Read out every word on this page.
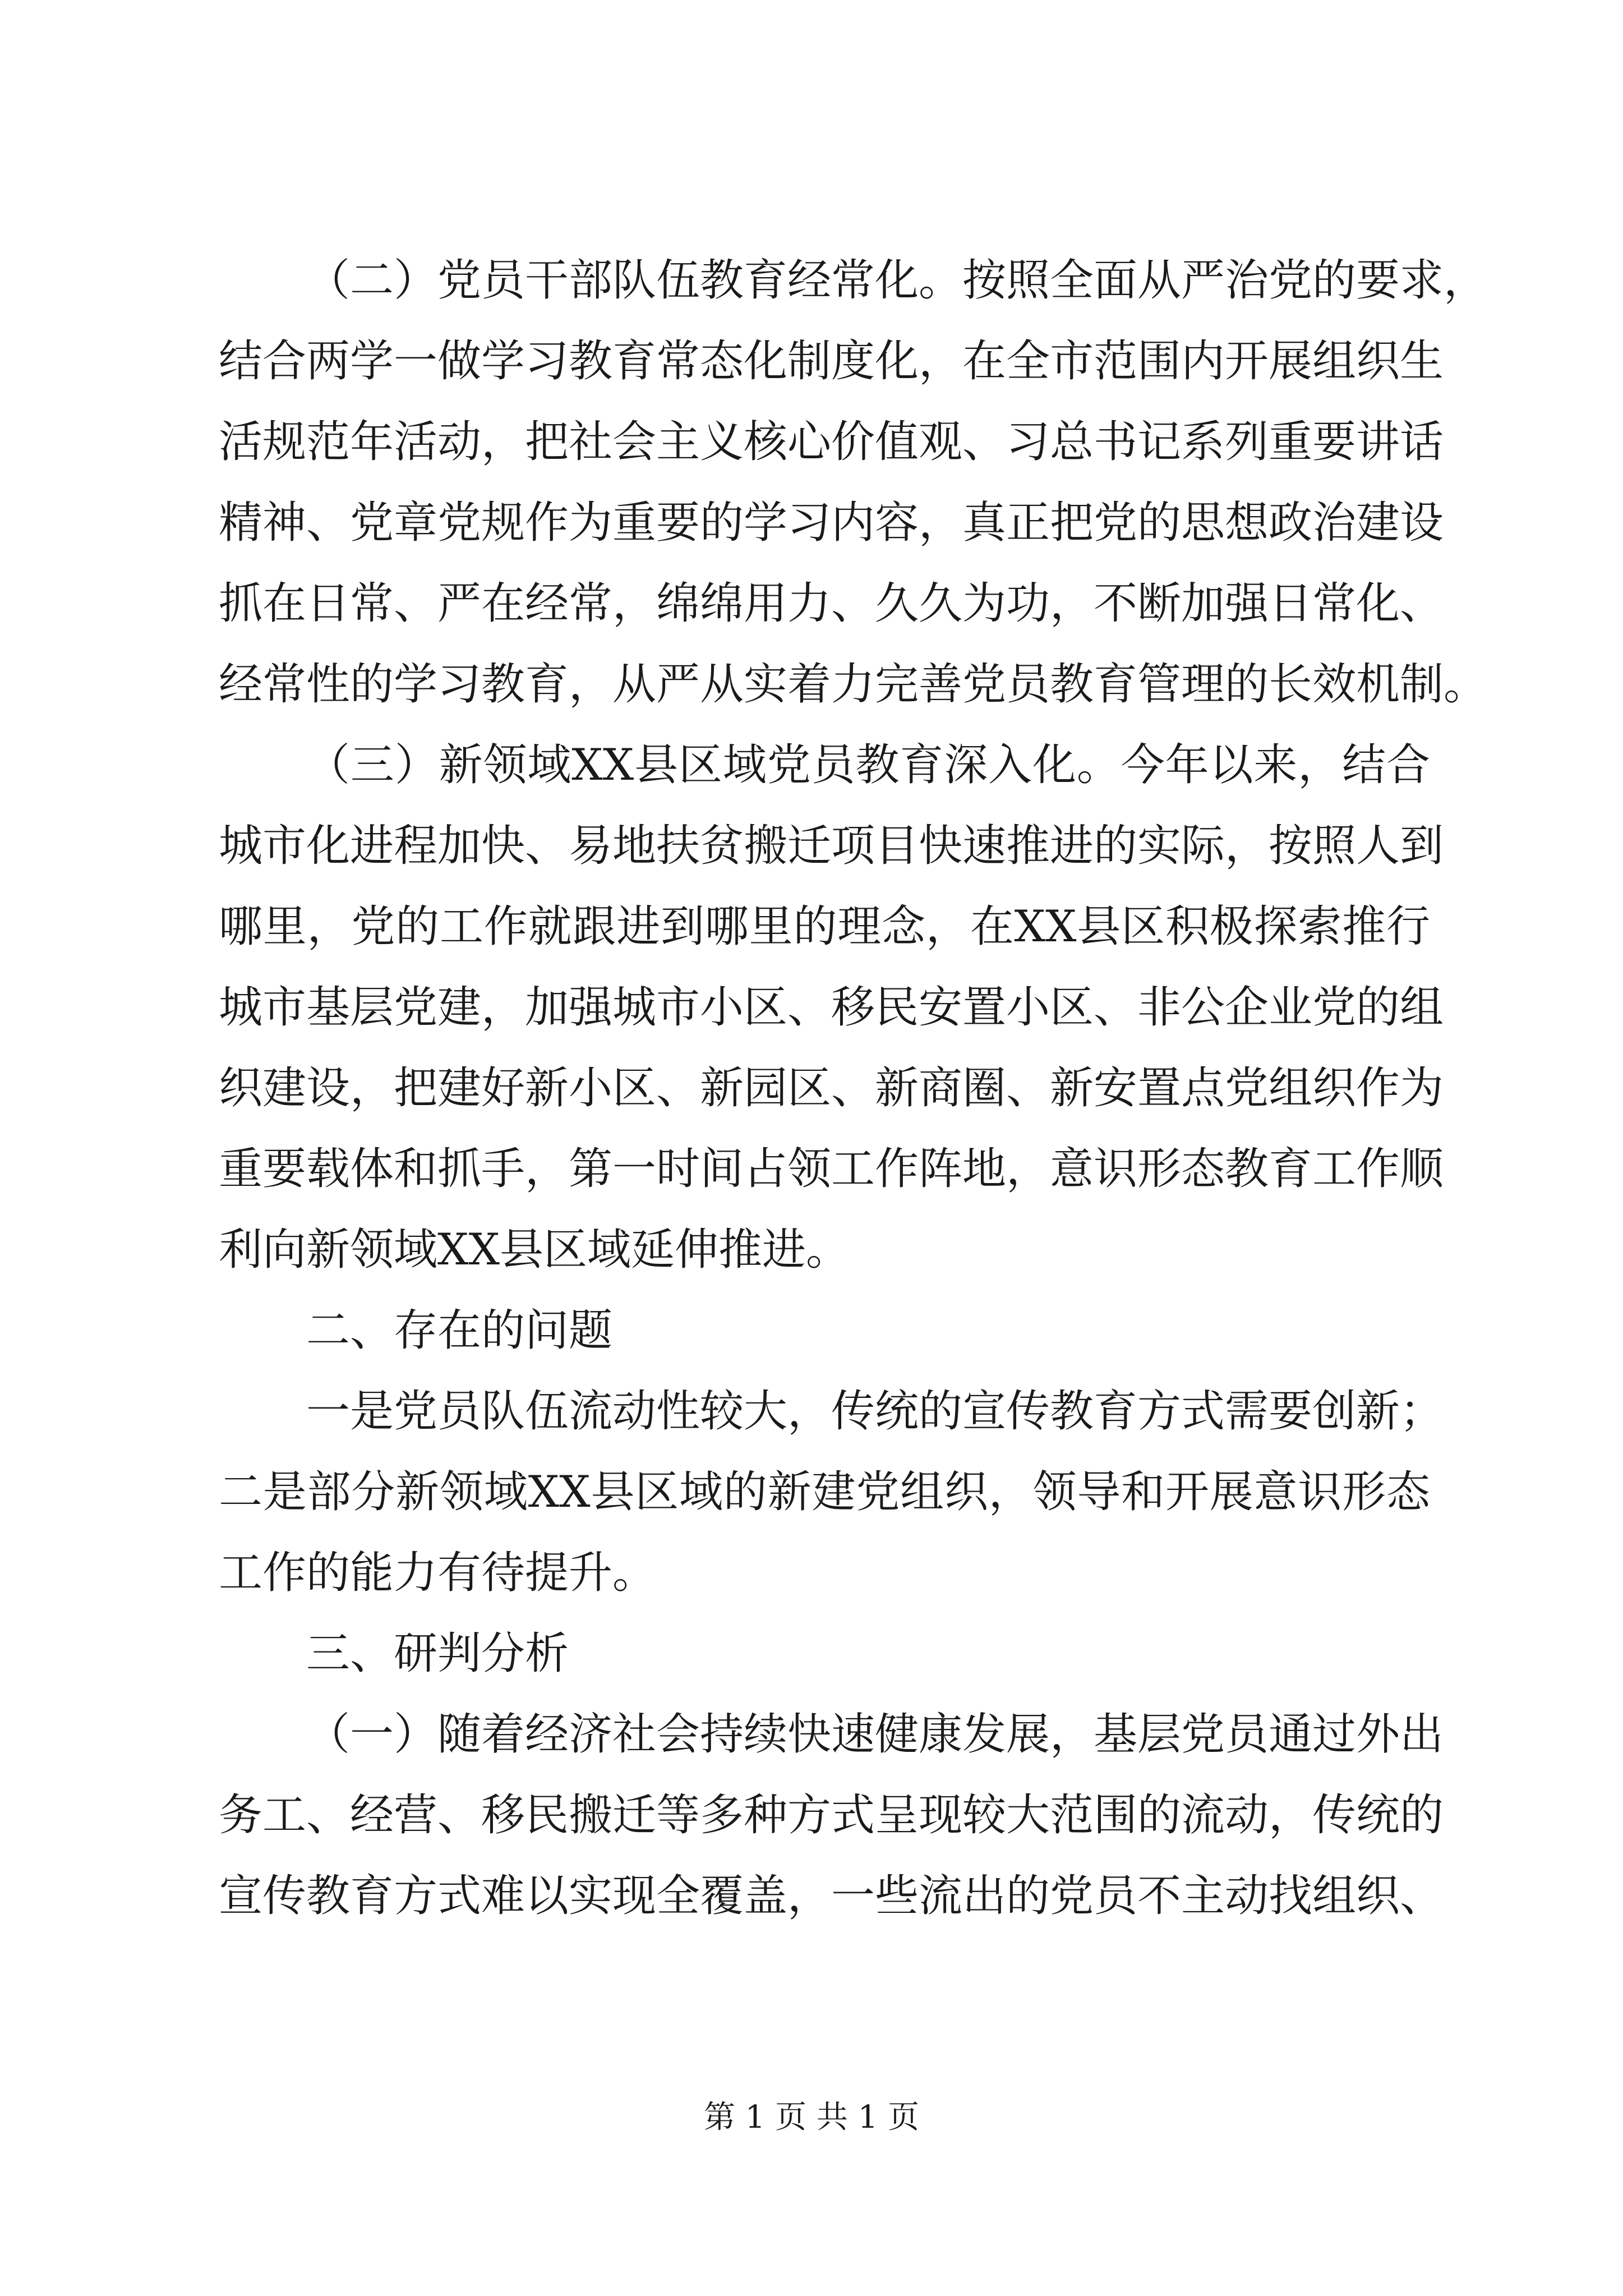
（二）党员干部队伍教育经常化。按照全面从严治党的要求，
结合两学一做学习教育常态化制度化，在全市范围内开展组织生
活规范年活动，把社会主义核心价值观、习总书记系列重要讲话
精神、党章党规作为重要的学习内容，真正把党的思想政治建设
抓在日常、严在经常，绵绵用力、久久为功，不断加强日常化、
经常性的学习教育，从严从实着力完善党员教育管理的长效机制。
（三）新领域XX县区域党员教育深入化。今年以来，结合
城市化进程加快、易地扶贫搬迁项目快速推进的实际，按照人到
哪里，党的工作就跟进到哪里的理念，在XX县区积极探索推行
城市基层党建，加强城市小区、移民安置小区、非公企业党的组
织建设，把建好新小区、新园区、新商圈、新安置点党组织作为
重要载体和抓手，第一时间占领工作阵地，意识形态教育工作顺
利向新领域XX县区域延伸推进。
二、存在的问题
一是党员队伍流动性较大，传统的宣传教育方式需要创新；
二是部分新领域XX县区域的新建党组织，领导和开展意识形态
工作的能力有待提升。
三、研判分析
（一）随着经济社会持续快速健康发展，基层党员通过外出
务工、经营、移民搬迁等多种方式呈现较大范围的流动，传统的
宣传教育方式难以实现全覆盖，一些流出的党员不主动找组织、
第 1 页 共 1 页
